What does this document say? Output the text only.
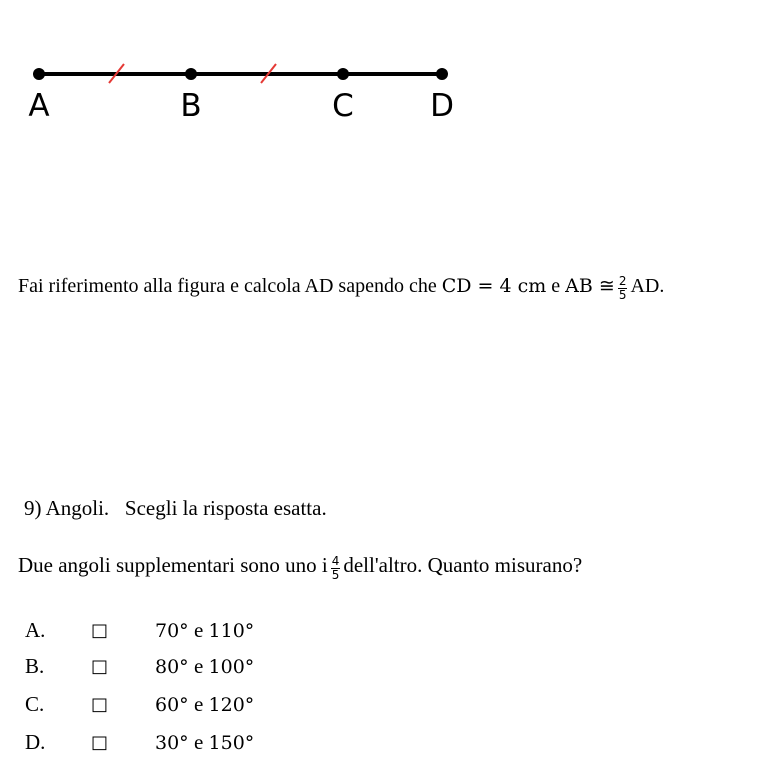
A	B	C D
Fai riferimento alla figura e calcola AD sapendo che CD = 4 cm e AB ≅ $\frac{2}{5}$ AD.
9) Angoli.   Scegli la risposta esatta.
Due angoli supplementari sono uno i $\frac{4}{5}$ dell'altro. Quanto misurano?
A.	□ 70° e 110°
B.	□ 80° e 100°
C.	□ 60° e 120°
D.	□ 30° e 150°
